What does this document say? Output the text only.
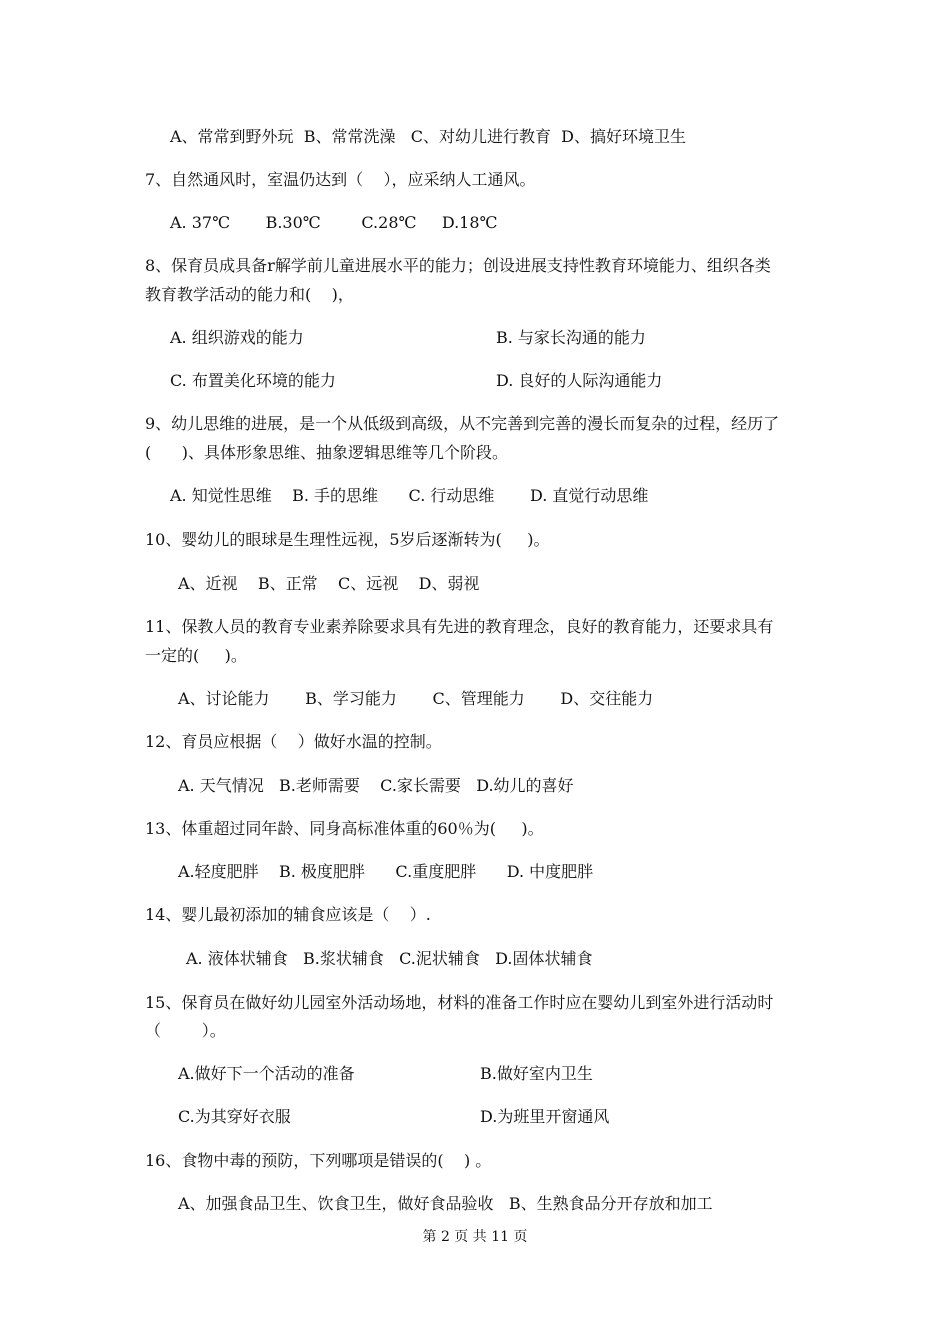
A、常常到野外玩  B、常常洗澡   C、对幼儿进行教育  D、搞好环境卫生
7、自然通风时，室温仍达到（    ），应采纳人工通风。
A. 37℃       B.30℃        C.28℃     D.18℃
8、保育员成具备r解学前儿童进展水平的能力；创设进展支持性教育环境能力、组织各类
教育教学活动的能力和(    )，
A. 组织游戏的能力	B. 与家长沟通的能力
C. 布置美化环境的能力	D. 良好的人际沟通能力
9、幼儿思维的进展，是一个从低级到高级，从不完善到完善的漫长而复杂的过程，经历了
(      )、具体形象思维、抽象逻辑思维等几个阶段。
A. 知觉性思维    B. 手的思维      C. 行动思维       D. 直觉行动思维
10、婴幼儿的眼球是生理性远视，5岁后逐渐转为(     )。
A、近视    B、正常    C、远视    D、弱视
11、保教人员的教育专业素养除要求具有先进的教育理念，良好的教育能力，还要求具有
一定的(     )。
A、讨论能力       B、学习能力       C、管理能力       D、交往能力
12、育员应根据（    ）做好水温的控制。
A. 天气情况   B.老师需要    C.家长需要   D.幼儿的喜好
13、体重超过同年龄、同身高标准体重的60％为(     )。
A.轻度肥胖    B. 极度肥胖      C.重度肥胖      D. 中度肥胖
14、婴儿最初添加的辅食应该是（    ）.
A. 液体状辅食   B.浆状辅食   C.泥状辅食   D.固体状辅食
15、保育员在做好幼儿园室外活动场地，材料的准备工作时应在婴幼儿到室外进行活动时
（        ）。
A.做好下一个活动的准备	B.做好室内卫生
C.为其穿好衣服	D.为班里开窗通风
16、食物中毒的预防，下列哪项是错误的(    ) 。
A、加强食品卫生、饮食卫生，做好食品验收   B、生熟食品分开存放和加工
第 2 页 共 11 页
